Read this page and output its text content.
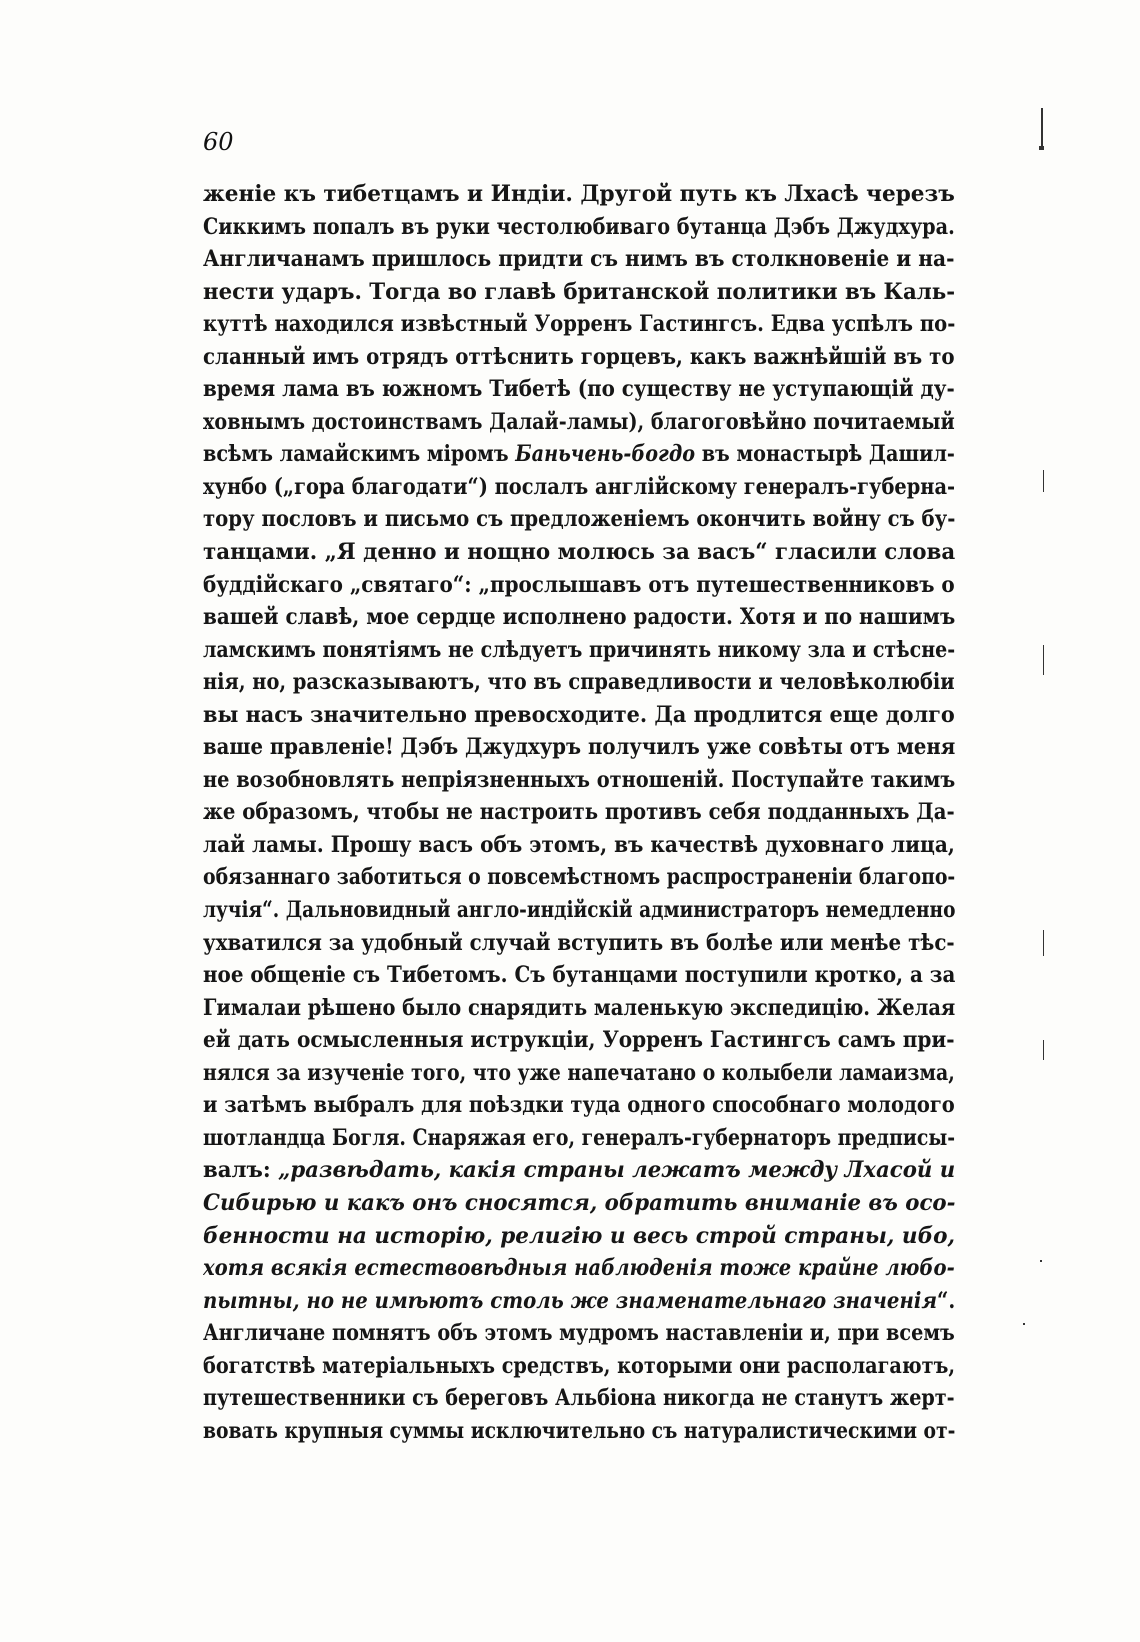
60
женіе къ тибетцамъ и Индіи. Другой путь къ Лхасѣ черезъ
Сиккимъ попалъ въ руки честолюбиваго бутанца Дэбъ Джудхура.
Англичанамъ пришлось придти съ нимъ въ столкновеніе и на-
нести ударъ. Тогда во главѣ британской политики въ Каль-
куттѣ находился извѣстный Уорренъ Гастингсъ. Едва успѣлъ по-
сланный имъ отрядъ оттѣснить горцевъ, какъ важнѣйшій въ то
время лама въ южномъ Тибетѣ (по существу не уступающій ду-
ховнымъ достоинствамъ Далай-ламы), благоговѣйно почитаемый
всѣмъ ламайскимъ міромъ Баньчень-богдо въ монастырѣ Дашил-
хунбо („гора благодати“) послалъ англійскому генералъ-губерна-
тору пословъ и письмо съ предложеніемъ окончить войну съ бу-
танцами. „Я денно и нощно молюсь за васъ“ гласили слова
буддійскаго „святаго“: „прослышавъ отъ путешественниковъ о
вашей славѣ, мое сердце исполнено радости. Хотя и по нашимъ
ламскимъ понятіямъ не слѣдуетъ причинять никому зла и стѣсне-
нія, но, разсказываютъ, что въ справедливости и человѣколюбіи
вы насъ значительно превосходите. Да продлится еще долго
ваше правленіе! Дэбъ Джудхуръ получилъ уже совѣты отъ меня
не возобновлять непріязненныхъ отношеній. Поступайте такимъ
же образомъ, чтобы не настроить противъ себя подданныхъ Да-
лай ламы. Прошу васъ объ этомъ, въ качествѣ духовнаго лица,
обязаннаго заботиться о повсемѣстномъ распространеніи благопо-
лучія“. Дальновидный англо-индійскій администраторъ немедленно
ухватился за удобный случай вступить въ болѣе или менѣе тѣс-
ное общеніе съ Тибетомъ. Съ бутанцами поступили кротко, а за
Гималаи рѣшено было снарядить маленькую экспедицію. Желая
ей дать осмысленныя иструкціи, Уорренъ Гастингсъ самъ при-
нялся за изученіе того, что уже напечатано о колыбели ламаизма,
и затѣмъ выбралъ для поѣздки туда одного способнаго молодого
шотландца Богля. Снаряжая его, генералъ-губернаторъ предписы-
валъ: „развѣдать, какія страны лежатъ между Лхасой и
Сибирью и какъ онъ сносятся, обратить вниманіе въ осо-
бенности на исторію, религію и весь строй страны, ибо,
хотя всякія естествовѣдныя наблюденія тоже крайне любо-
пытны, но не имѣютъ столь же знаменательнаго значенія“.
Англичане помнятъ объ этомъ мудромъ наставленіи и, при всемъ
богатствѣ матеріальныхъ средствъ, которыми они располагаютъ,
путешественники съ береговъ Альбіона никогда не станутъ жерт-
вовать крупныя суммы исключительно съ натуралистическими от-
